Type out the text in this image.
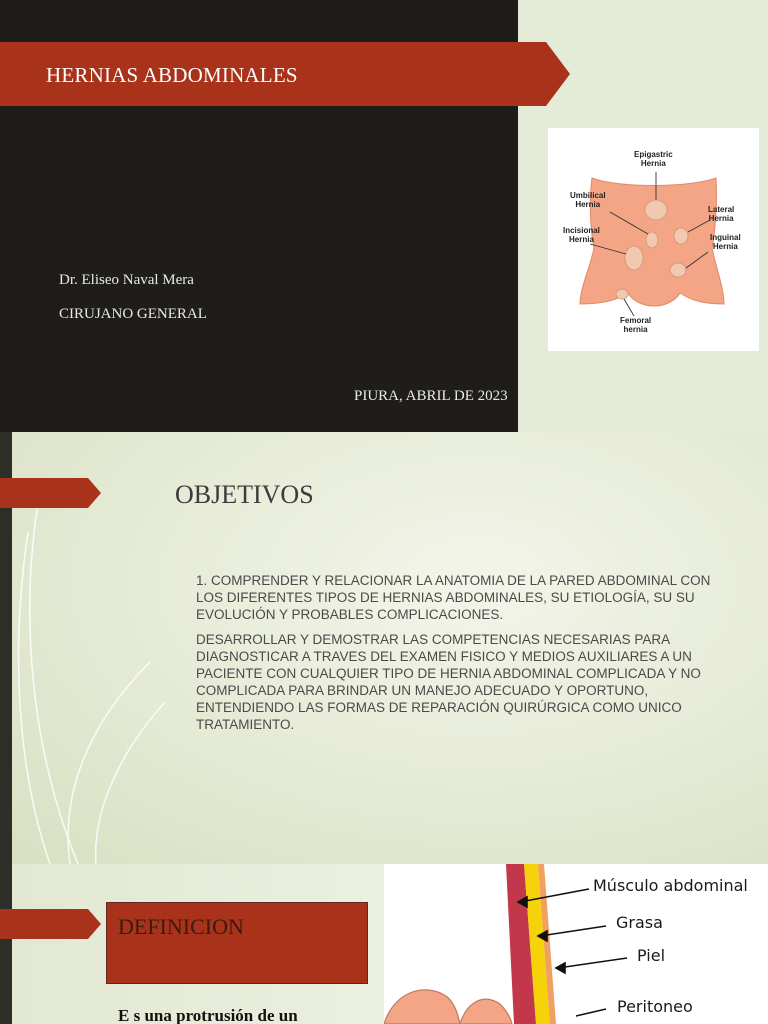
HERNIAS ABDOMINALES
Dr. Eliseo Naval Mera
CIRUJANO GENERAL
PIURA, ABRIL DE 2023
Epigastric
Hernia
Umbilical
Hernia
Lateral
Hernia
Incisional
Hernia	Inguinal
Hernia
Femoral
hernia
OBJETIVOS
1. COMPRENDER Y RELACIONAR LA ANATOMIA DE LA PARED ABDOMINAL CON LOS DIFERENTES TIPOS DE HERNIAS ABDOMINALES, SU ETIOLOGÍA, SU SU EVOLUCIÓN Y PROBABLES COMPLICACIONES.
DESARROLLAR Y DEMOSTRAR LAS COMPETENCIAS NECESARIAS PARA DIAGNOSTICAR A TRAVES DEL EXAMEN FISICO Y MEDIOS AUXILIARES A UN PACIENTE CON CUALQUIER TIPO DE HERNIA ABDOMINAL COMPLICADA Y NO COMPLICADA PARA BRINDAR UN MANEJO ADECUADO Y OPORTUNO, ENTENDIENDO LAS FORMAS DE REPARACIÓN QUIRÚRGICA COMO UNICO TRATAMIENTO.
DEFINICION
E s una protrusión de un
Músculo abdominal
Grasa
Piel
Peritoneo
